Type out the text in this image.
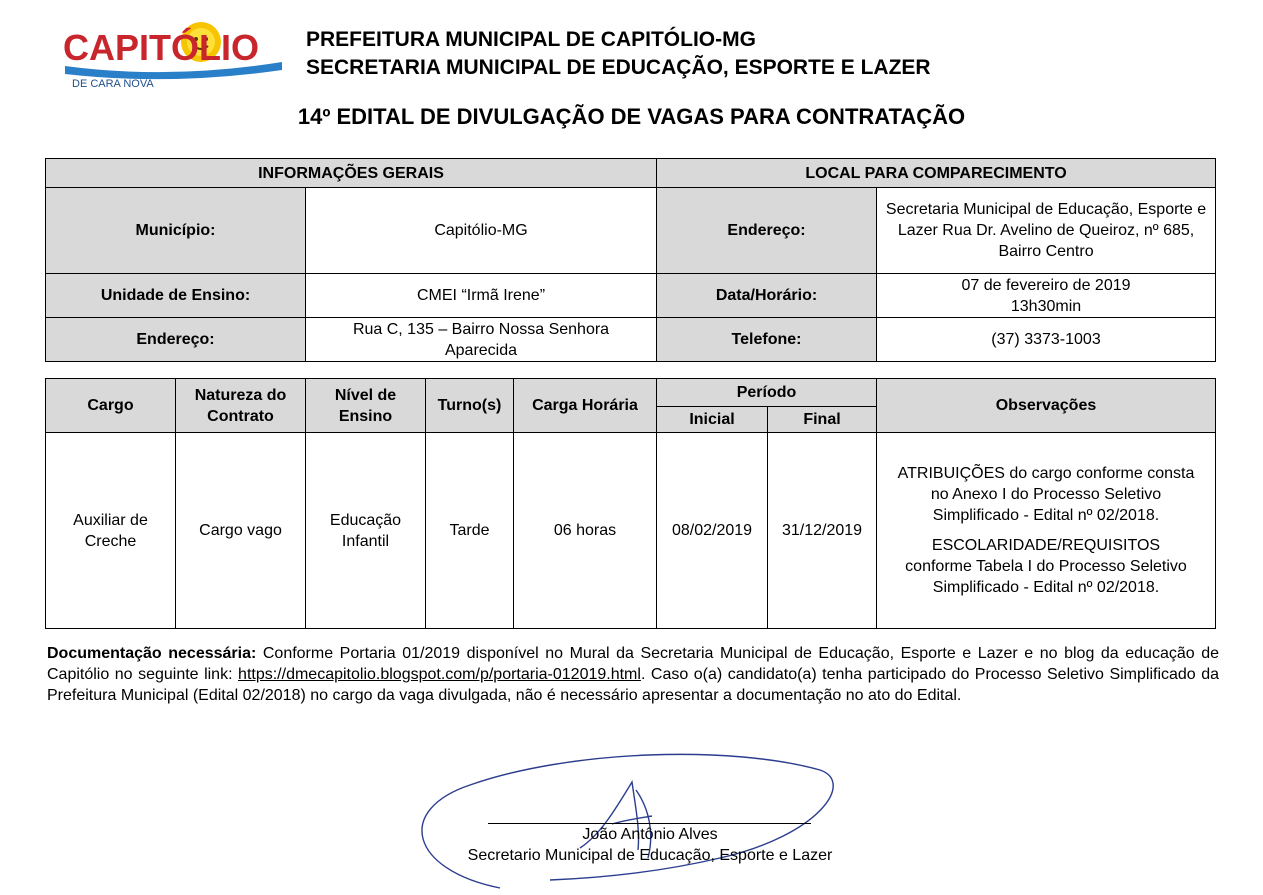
CAPITÓLIO
DE CARA NOVA
PREFEITURA MUNICIPAL DE CAPITÓLIO-MG
SECRETARIA MUNICIPAL DE EDUCAÇÃO, ESPORTE E LAZER
14º EDITAL DE DIVULGAÇÃO DE VAGAS PARA CONTRATAÇÃO
INFORMAÇÕES GERAIS		LOCAL PARA COMPARECIMENTO	
Município:	Capitólio-MG	Endereço:	Secretaria Municipal de Educação, Esporte e Lazer Rua Dr. Avelino de Queiroz, nº 685, Bairro Centro
Unidade de Ensino:	CMEI “Irmã Irene”	Data/Horário:	07 de fevereiro de 2019 13h30min
Endereço:	Rua C, 135 – Bairro Nossa Senhora Aparecida	Telefone:	(37) 3373-1003
Cargo	Natureza do Contrato	Nível de Ensino	Turno(s)	Carga Horária	Período		Observações
					Inicial	Final	
Auxiliar de Creche	Cargo vago	Educação Infantil	Tarde	06 horas	08/02/2019	31/12/2019	ATRIBUIÇÕES do cargo conforme consta no Anexo I do Processo Seletivo Simplificado - Edital nº 02/2018.
ESCOLARIDADE/REQUISITOS conforme Tabela I do Processo Seletivo Simplificado - Edital nº 02/2018.
Documentação necessária: Conforme Portaria 01/2019 disponível no Mural da Secretaria Municipal de Educação, Esporte e Lazer e no blog da educação de Capitólio no seguinte link: https://dmecapitolio.blogspot.com/p/portaria-012019.html. Caso o(a) candidato(a) tenha participado do Processo Seletivo Simplificado da Prefeitura Municipal (Edital 02/2018) no cargo da vaga divulgada, não é necessário apresentar a documentação no ato do Edital.
João Antônio Alves
Secretario Municipal de Educação, Esporte e Lazer
